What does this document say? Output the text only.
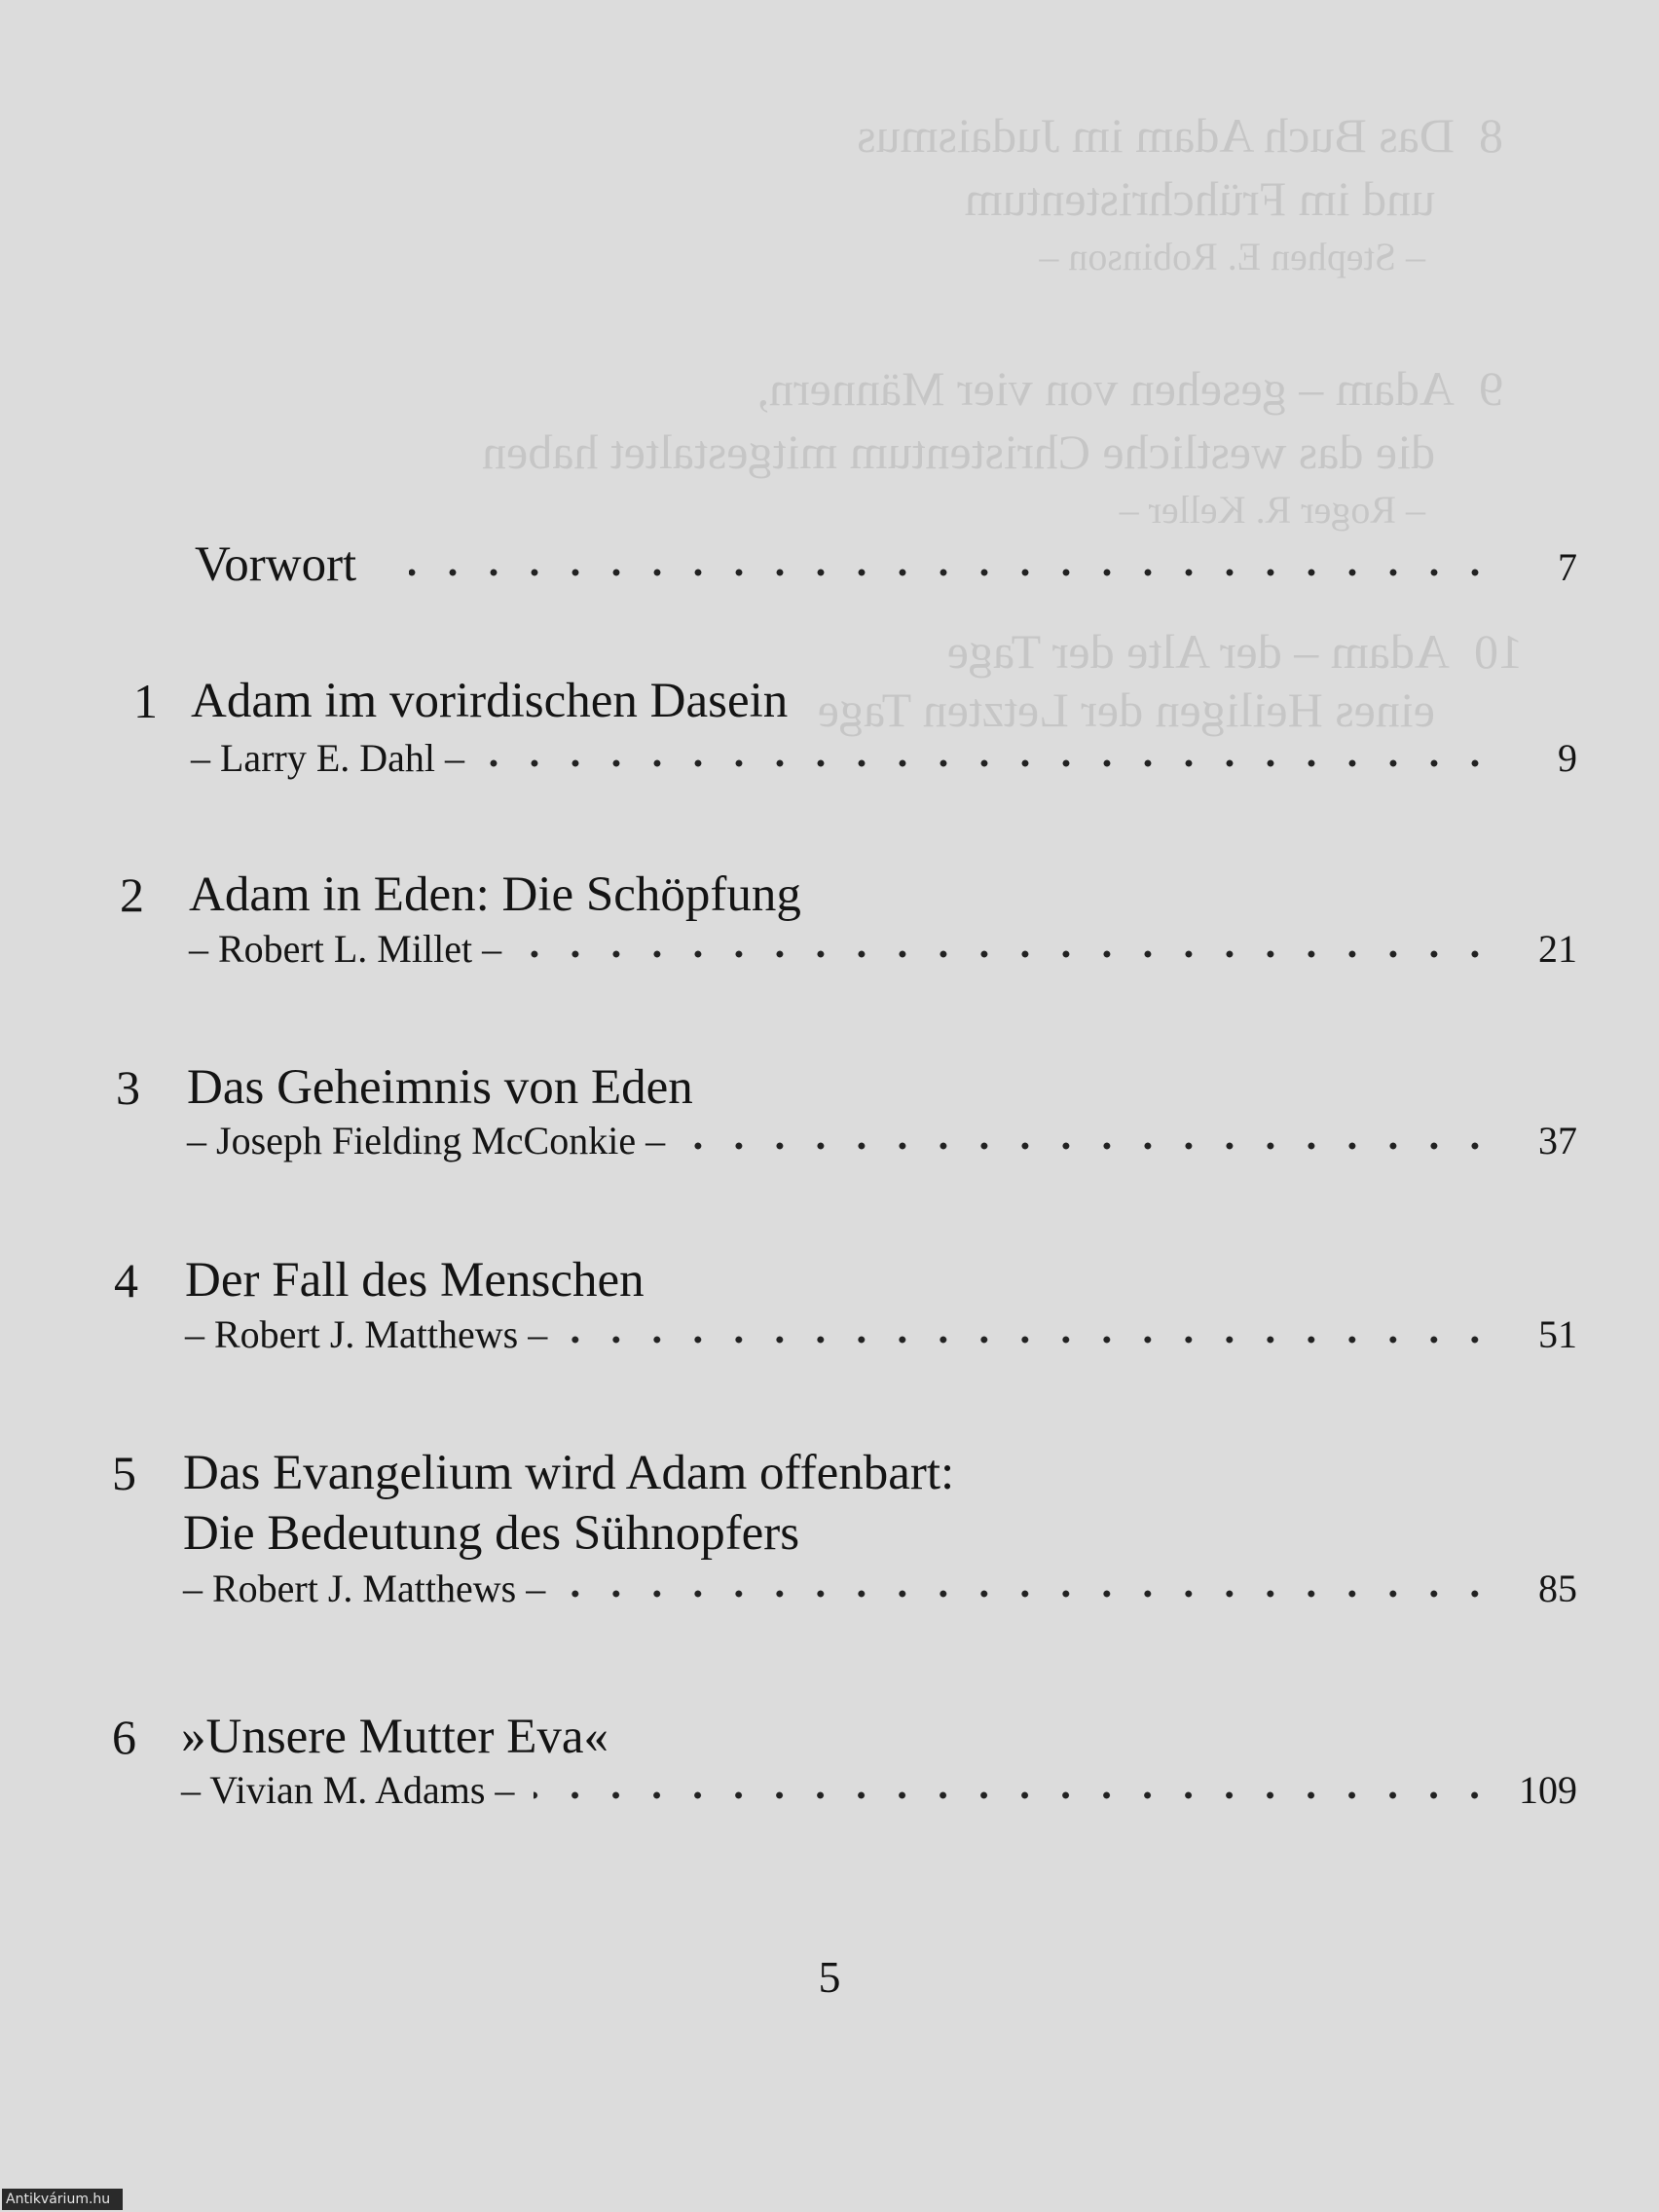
8  Das Buch Adam im Judaismus
und im Frühchristentum
– Stephen E. Robinson –
9  Adam – gesehen von vier Männern,
die das westliche Christentum mitgestaltet haben
– Roger R. Keller –
10  Adam – der Alte der Tage
eines Heiligen der Letzten Tage
Vorwort	7
1 Adam im vorirdischen Dasein
– Larry E. Dahl –	9
2 Adam in Eden: Die Schöpfung
– Robert L. Millet –	21
3 Das Geheimnis von Eden
– Joseph Fielding McConkie –	37
4 Der Fall des Menschen
– Robert J. Matthews –	51
5 Das Evangelium wird Adam offenbart:
Die Bedeutung des Sühnopfers
– Robert J. Matthews –	85
6 »Unsere Mutter Eva«
– Vivian M. Adams –	109
5
Antikvárium.hu
